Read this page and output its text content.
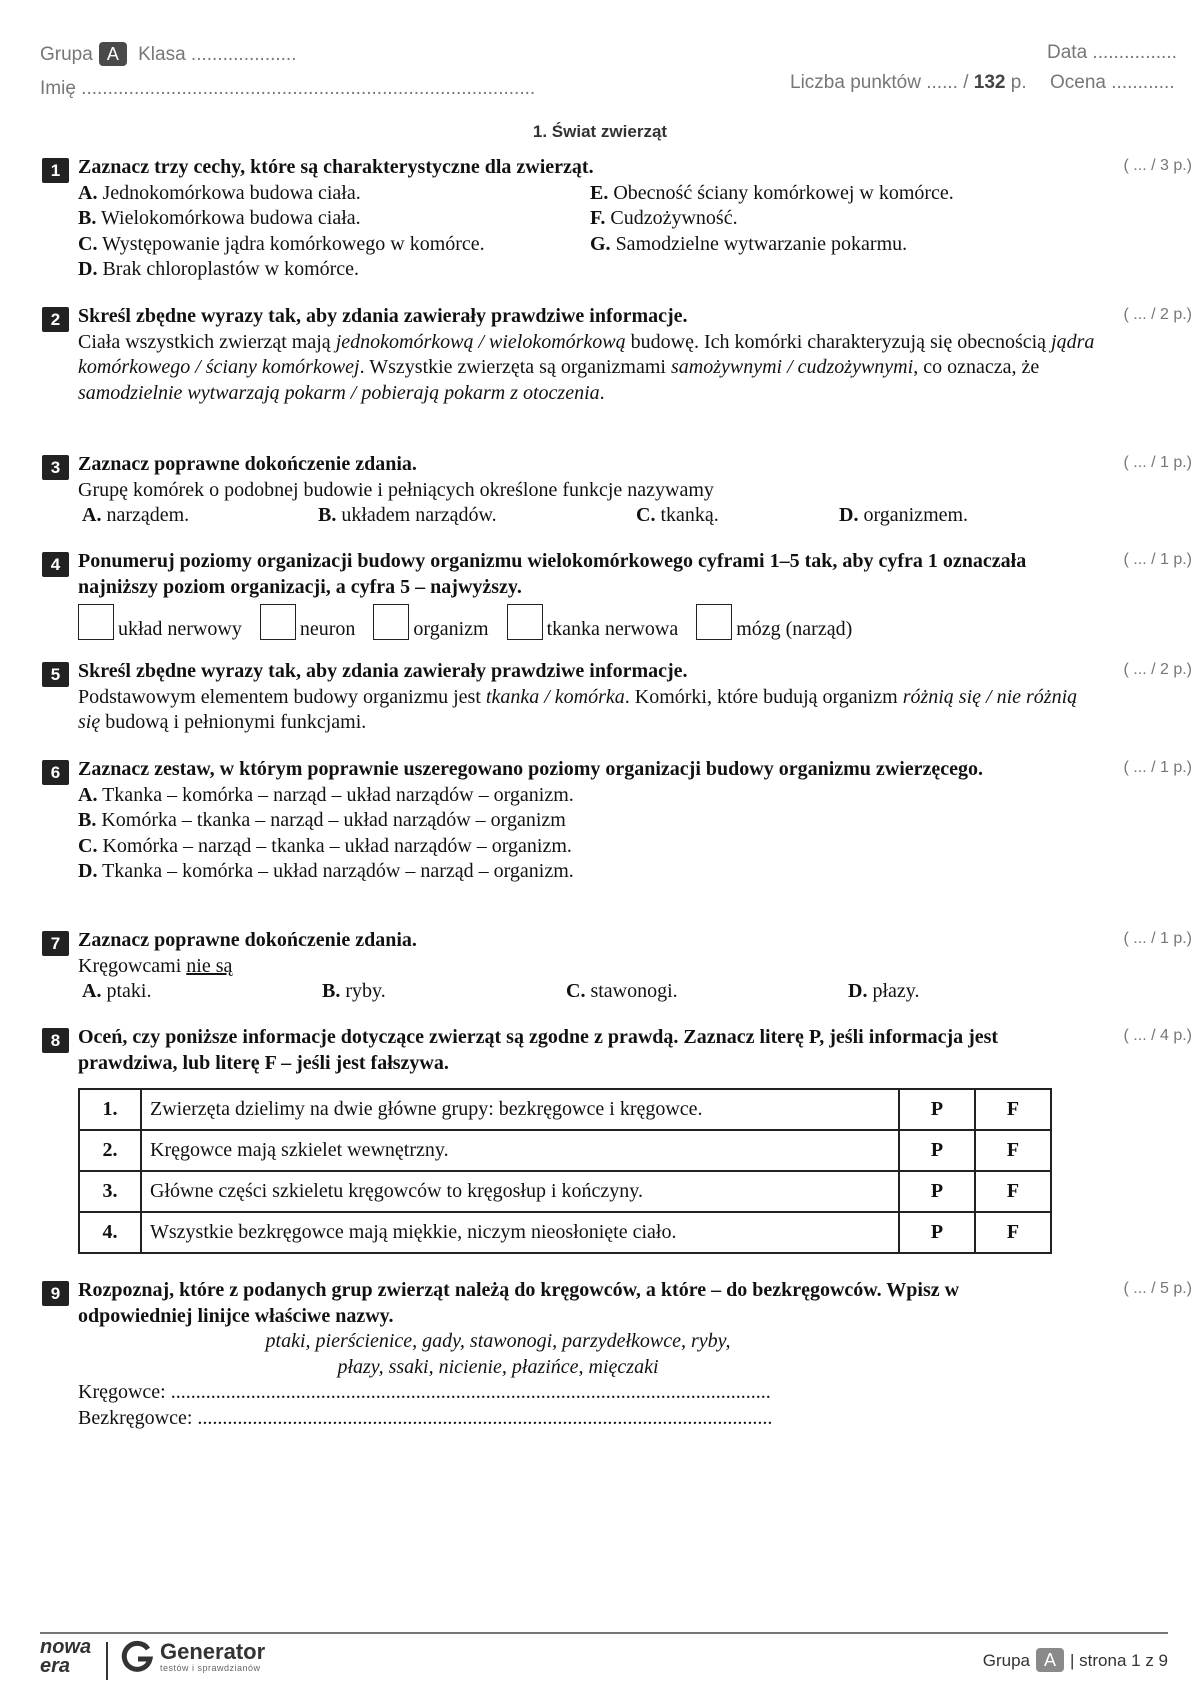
Grupa A Klasa ....................	Data ................
Imię ......................................................................................	Liczba punktów ...... / 132 p. Ocena ............
1. Świat zwierząt
1	( ... / 3 p.)
Zaznacz trzy cechy, które są charakterystyczne dla zwierząt.
A. Jednokomórkowa budowa ciała.	E. Obecność ściany komórkowej w komórce.
B. Wielokomórkowa budowa ciała.	F. Cudzożywność.
C. Występowanie jądra komórkowego w komórce.	G. Samodzielne wytwarzanie pokarmu.
D. Brak chloroplastów w komórce.
2	( ... / 2 p.)
Skreśl zbędne wyrazy tak, aby zdania zawierały prawdziwe informacje.
Ciała wszystkich zwierząt mają jednokomórkową / wielokomórkową budowę. Ich komórki charakteryzują się obecnością jądra komórkowego / ściany komórkowej. Wszystkie zwierzęta są organizmami samożywnymi / cudzożywnymi, co oznacza, że samodzielnie wytwarzają pokarm / pobierają pokarm z otoczenia.
3	( ... / 1 p.)
Zaznacz poprawne dokończenie zdania.
Grupę komórek o podobnej budowie i pełniących określone funkcje nazywamy
A. narządem.	B. układem narządów.	C. tkanką.	D. organizmem.
4	( ... / 1 p.)
Ponumeruj poziomy organizacji budowy organizmu wielokomórkowego cyframi 1–5 tak, aby cyfra 1 oznaczała najniższy poziom organizacji, a cyfra 5 – najwyższy.
układ nerwowy	neuron	organizm	tkanka nerwowa	mózg (narząd)
5	( ... / 2 p.)
Skreśl zbędne wyrazy tak, aby zdania zawierały prawdziwe informacje.
Podstawowym elementem budowy organizmu jest tkanka / komórka. Komórki, które budują organizm różnią się / nie różnią się budową i pełnionymi funkcjami.
6	( ... / 1 p.)
Zaznacz zestaw, w którym poprawnie uszeregowano poziomy organizacji budowy organizmu zwierzęcego.
A. Tkanka – komórka – narząd – układ narządów – organizm.
B. Komórka – tkanka – narząd – układ narządów – organizm
C. Komórka – narząd – tkanka – układ narządów – organizm.
D. Tkanka – komórka – układ narządów – narząd – organizm.
7	( ... / 1 p.)
Zaznacz poprawne dokończenie zdania.
Kręgowcami nie są
A. ptaki.	B. ryby.	C. stawonogi.	D. płazy.
8	( ... / 4 p.)
Oceń, czy poniższe informacje dotyczące zwierząt są zgodne z prawdą. Zaznacz literę P, jeśli informacja jest prawdziwa, lub literę F – jeśli jest fałszywa.
1.	Zwierzęta dzielimy na dwie główne grupy: bezkręgowce i kręgowce.	P	F
2.	Kręgowce mają szkielet wewnętrzny.	P	F
3.	Główne części szkieletu kręgowców to kręgosłup i kończyny.	P	F
4.	Wszystkie bezkręgowce mają miękkie, niczym nieosłonięte ciało.	P	F
9	( ... / 5 p.)
Rozpoznaj, które z podanych grup zwierząt należą do kręgowców, a które – do bezkręgowców. Wpisz w odpowiedniej linijce właściwe nazwy.
ptaki, pierścienice, gady, stawonogi, parzydełkowce, ryby,
płazy, ssaki, nicienie, płazińce, mięczaki
Kręgowce: ........................................................................................................................
Bezkręgowce: ...................................................................................................................
nowa
era
Generator
testów i sprawdzianów	Grupa A | strona 1 z 9
